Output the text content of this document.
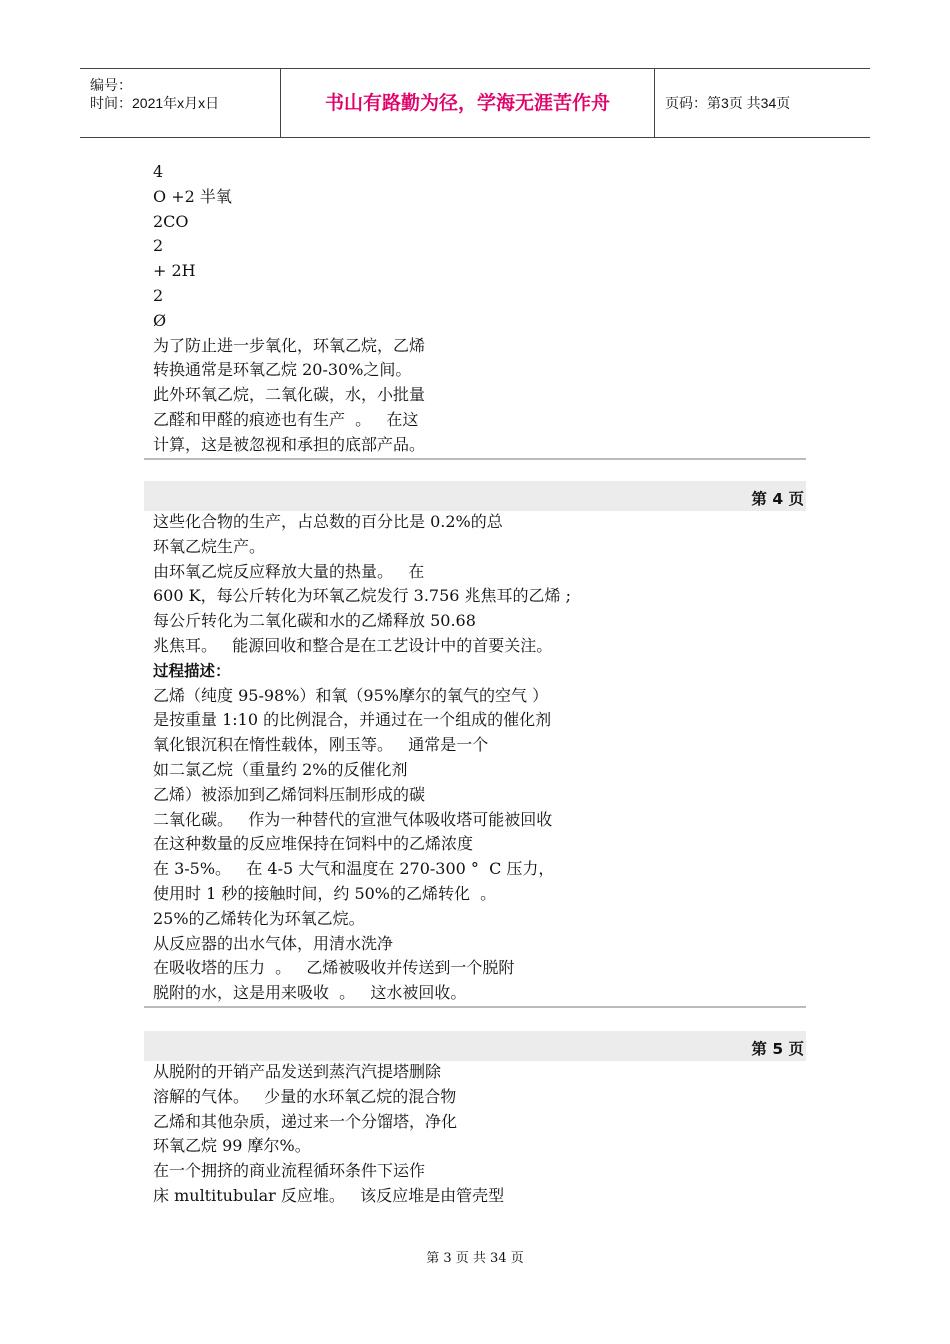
编号：
时间：2021年x月x日	书山有路勤为径，学海无涯苦作舟	页码：第3页 共34页
4
O +2 半氧
2CO
2
+ 2H
2
Ø
为了防止进一步氧化，环氧乙烷，乙烯
转换通常是环氧乙烷 20-30%之间。
此外环氧乙烷，二氧化碳，水，小批量
乙醛和甲醛的痕迹也有生产  。   在这
计算，这是被忽视和承担的底部产品。
第 4 页
这些化合物的生产，占总数的百分比是 0.2%的总
环氧乙烷生产。
由环氧乙烷反应释放大量的热量。   在
600 K，每公斤转化为环氧乙烷发行 3.756 兆焦耳的乙烯 ;
每公斤转化为二氧化碳和水的乙烯释放 50.68
兆焦耳。   能源回收和整合是在工艺设计中的首要关注。
过程描述：
乙烯（纯度 95-98%）和氧（95%摩尔的氧气的空气 ）
是按重量 1:10 的比例混合，并通过在一个组成的催化剂
氧化银沉积在惰性载体，刚玉等。   通常是一个
如二氯乙烷（重量约 2%的反催化剂
乙烯）被添加到乙烯饲料压制形成的碳
二氧化碳。   作为一种替代的宣泄气体吸收塔可能被回收
在这种数量的反应堆保持在饲料中的乙烯浓度
在 3-5%。   在 4-5 大气和温度在 270-300 °  C 压力，
使用时 1 秒的接触时间，约 50%的乙烯转化  。
25%的乙烯转化为环氧乙烷。
从反应器的出水气体，用清水洗净
在吸收塔的压力  。   乙烯被吸收并传送到一个脱附
脱附的水，这是用来吸收  。   这水被回收。
第 5 页
从脱附的开销产品发送到蒸汽汽提塔删除
溶解的气体。   少量的水环氧乙烷的混合物
乙烯和其他杂质，递过来一个分馏塔，净化
环氧乙烷 99 摩尔%。
在一个拥挤的商业流程循环条件下运作
床 multitubular 反应堆。   该反应堆是由管壳型
第 3 页 共 34 页
